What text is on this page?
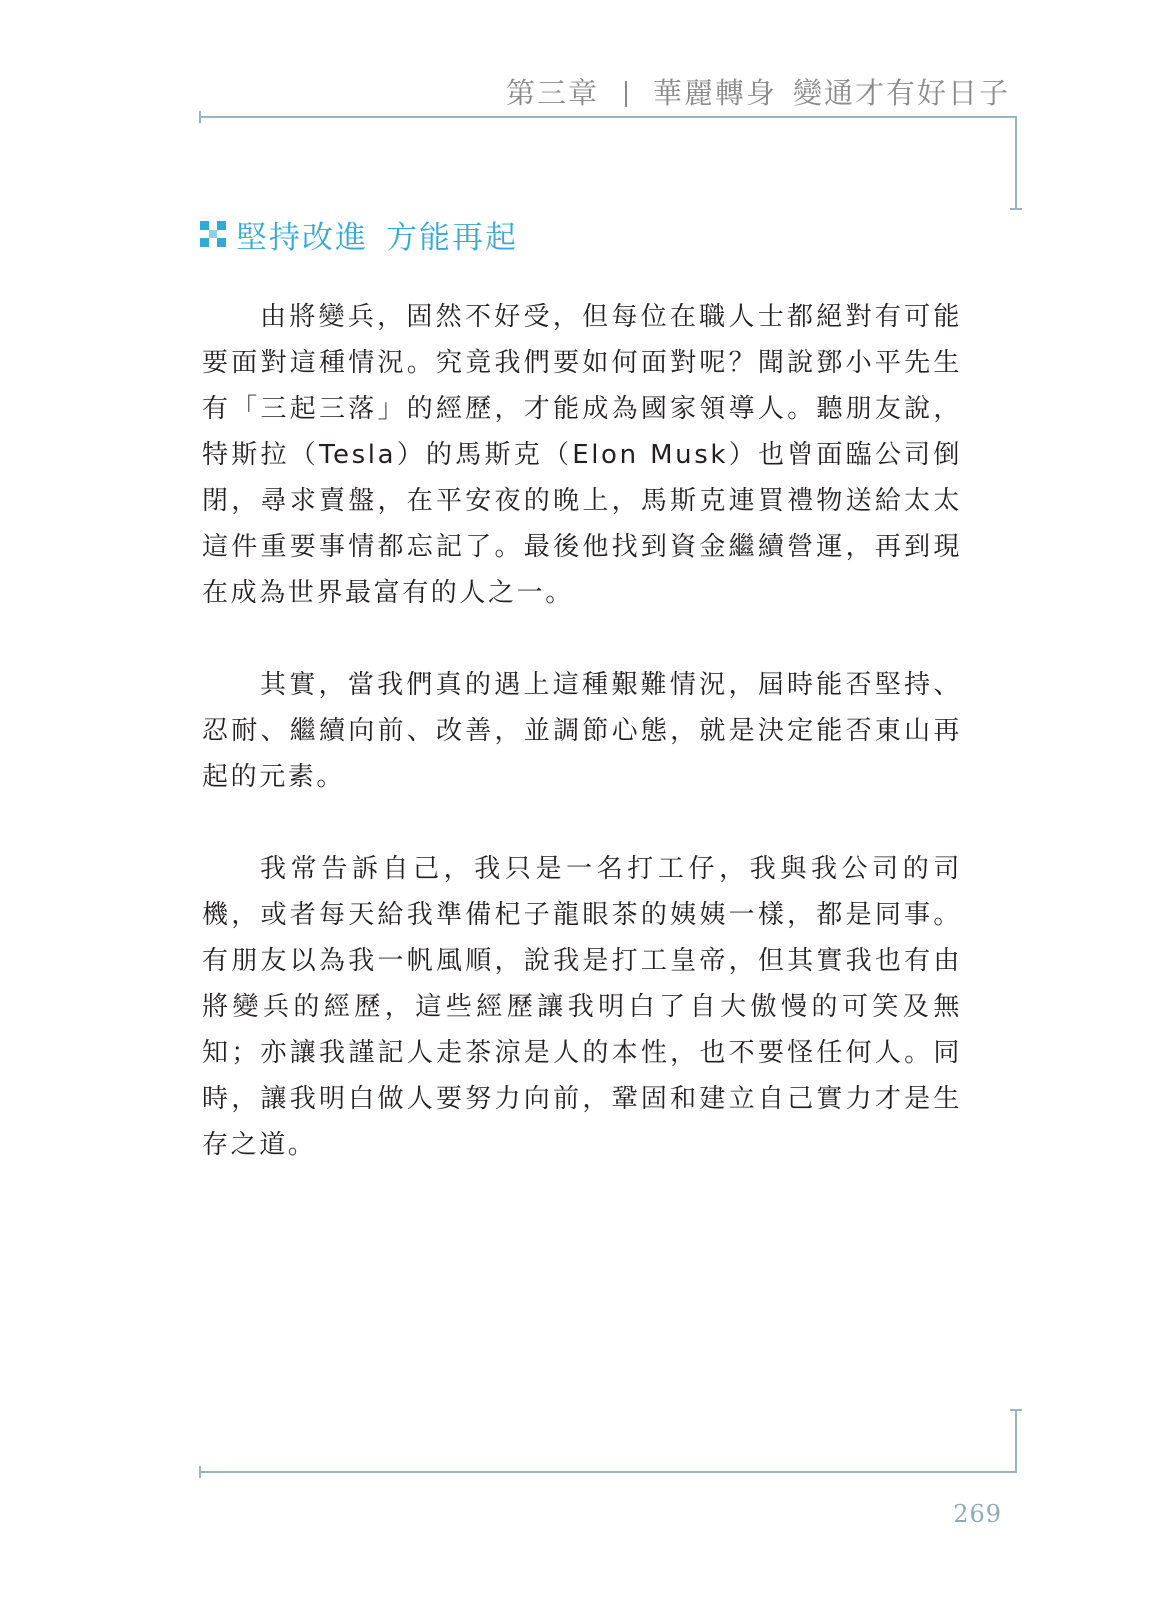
第三章 華麗轉身 變通才有好日子
堅持改進 方能再起

由將變兵，固然不好受，但每位在職人士都絕對有可能要面對這種情況。究竟我們要如何面對呢？聞說鄧小平先生有「三起三落」的經歷，才能成為國家領導人。聽朋友說，特斯拉（Tesla）的馬斯克（Elon Musk）也曾面臨公司倒閉，尋求賣盤，在平安夜的晚上，馬斯克連買禮物送給太太這件重要事情都忘記了。最後他找到資金繼續營運，再到現在成為世界最富有的人之一。

其實，當我們真的遇上這種艱難情況，屆時能否堅持、忍耐、繼續向前、改善，並調節心態，就是決定能否東山再起的元素。

我常告訴自己，我只是一名打工仔，我與我公司的司機，或者每天給我準備杞子龍眼茶的姨姨一樣，都是同事。有朋友以為我一帆風順，說我是打工皇帝，但其實我也有由將變兵的經歷，這些經歷讓我明白了自大傲慢的可笑及無知；亦讓我謹記人走茶涼是人的本性，也不要怪任何人。同時，讓我明白做人要努力向前，鞏固和建立自己實力才是生存之道。

269
